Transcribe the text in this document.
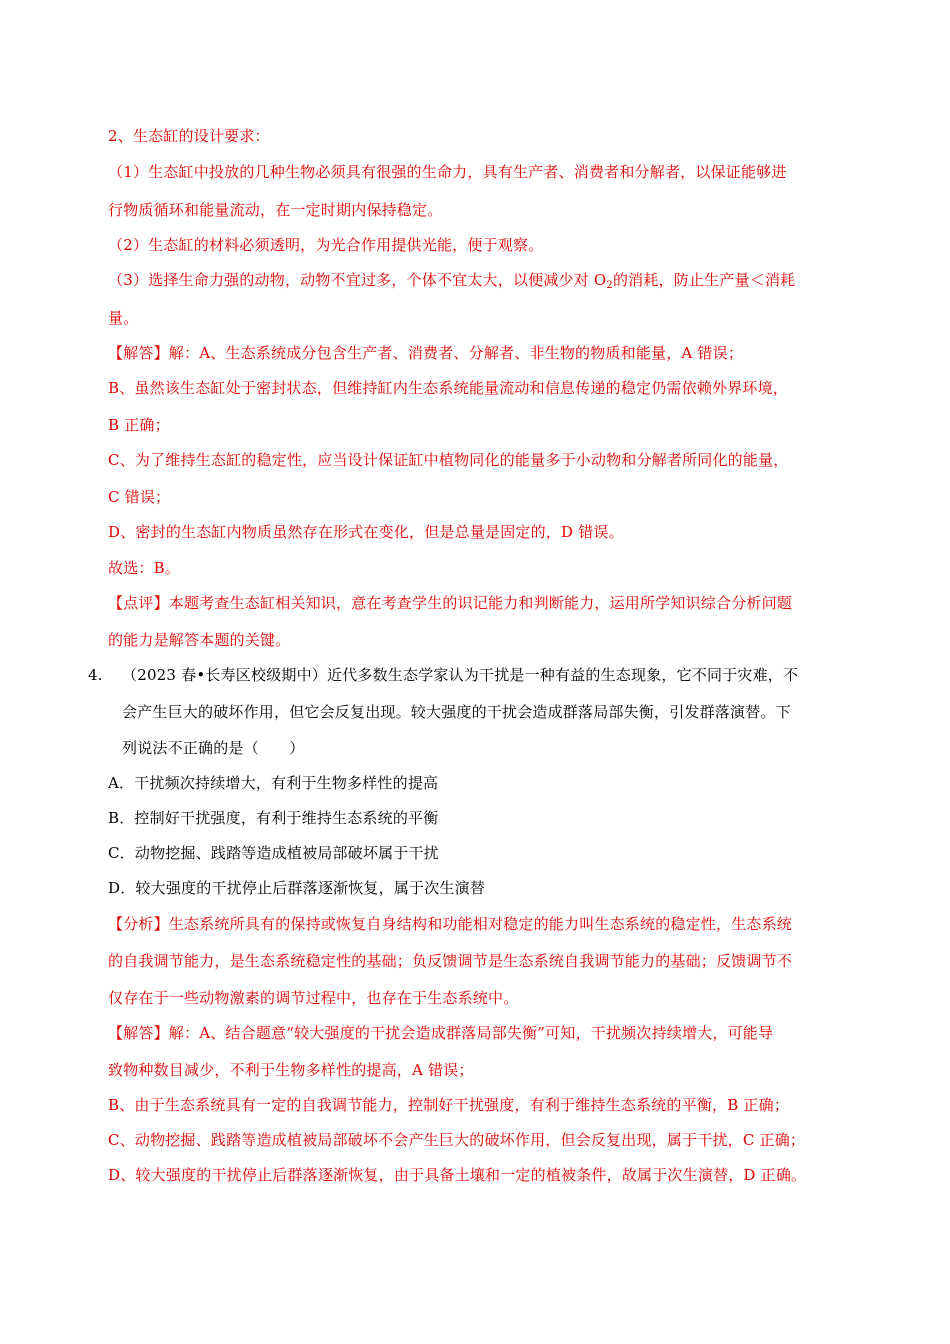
2、生态缸的设计要求：
（1）生态缸中投放的几种生物必须具有很强的生命力，具有生产者、消费者和分解者，以保证能够进
行物质循环和能量流动，在一定时期内保持稳定。
（2）生态缸的材料必须透明，为光合作用提供光能，便于观察。
（3）选择生命力强的动物，动物不宜过多，个体不宜太大，以便减少对 $O_2$的消耗，防止生产量＜消耗
量。
【解答】解：A、生态系统成分包含生产者、消费者、分解者、非生物的物质和能量，A 错误；
B、虽然该生态缸处于密封状态，但维持缸内生态系统能量流动和信息传递的稳定仍需依赖外界环境，
B 正确；
C、为了维持生态缸的稳定性，应当设计保证缸中植物同化的能量多于小动物和分解者所同化的能量，
C 错误；
D、密封的生态缸内物质虽然存在形式在变化，但是总量是固定的，D 错误。
故选：B。
【点评】本题考查生态缸相关知识，意在考查学生的识记能力和判断能力，运用所学知识综合分析问题
的能力是解答本题的关键。
4. （2023 春•长寿区校级期中）近代多数生态学家认为干扰是一种有益的生态现象，它不同于灾难，不
会产生巨大的破坏作用，但它会反复出现。较大强度的干扰会造成群落局部失衡，引发群落演替。下
列说法不正确的是（　　）
A．干扰频次持续增大，有利于生物多样性的提高
B．控制好干扰强度，有利于维持生态系统的平衡
C．动物挖掘、践踏等造成植被局部破坏属于干扰
D．较大强度的干扰停止后群落逐渐恢复，属于次生演替
【分析】生态系统所具有的保持或恢复自身结构和功能相对稳定的能力叫生态系统的稳定性，生态系统
的自我调节能力，是生态系统稳定性的基础；负反馈调节是生态系统自我调节能力的基础；反馈调节不
仅存在于一些动物激素的调节过程中，也存在于生态系统中。
【解答】解：A、结合题意“较大强度的干扰会造成群落局部失衡”可知，干扰频次持续增大，可能导
致物种数目减少，不利于生物多样性的提高，A 错误；
B、由于生态系统具有一定的自我调节能力，控制好干扰强度，有利于维持生态系统的平衡，B 正确；
C、动物挖掘、践踏等造成植被局部破坏不会产生巨大的破坏作用，但会反复出现，属于干扰，C 正确；
D、较大强度的干扰停止后群落逐渐恢复，由于具备土壤和一定的植被条件，故属于次生演替，D 正确。
